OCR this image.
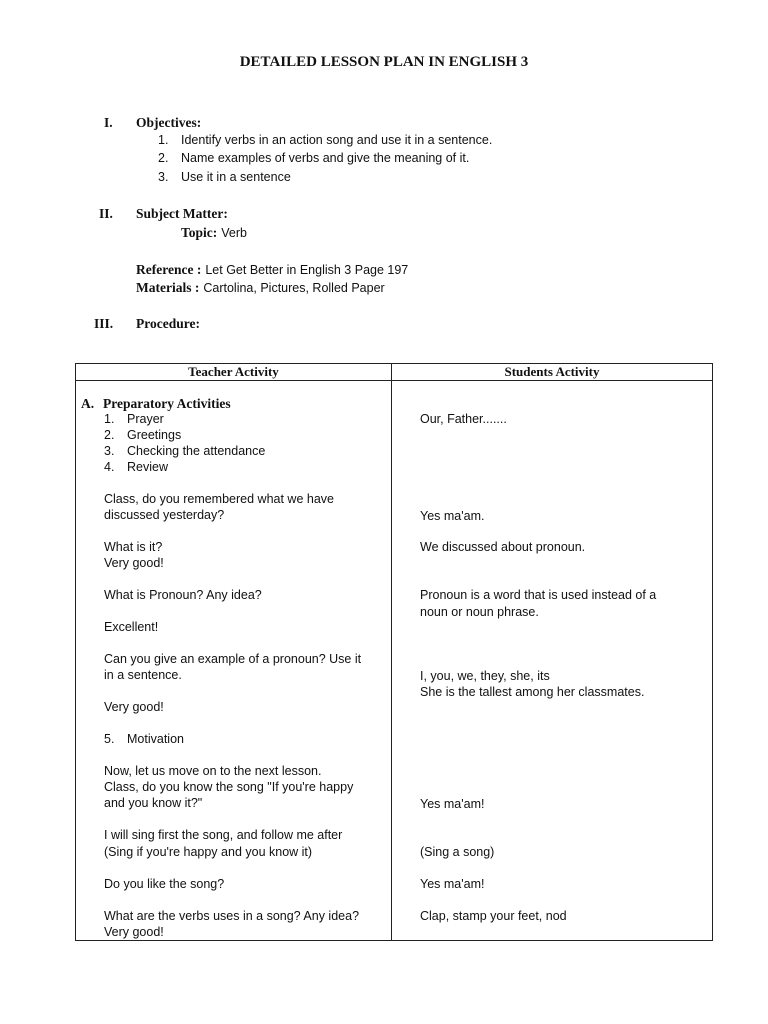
DETAILED LESSON PLAN IN ENGLISH 3
I. Objectives:
1. Identify verbs in an action song and use it in a sentence.
2. Name examples of verbs and give the meaning of it.
3. Use it in a sentence
II. Subject Matter:
Topic: Verb
Reference : Let Get Better in English 3 Page 197
Materials : Cartolina, Pictures, Rolled Paper
III. Procedure:
Teacher Activity	Students Activity
A. Preparatory Activities
1. Prayer
2. Greetings
3. Checking the attendance
4. Review
Class, do you remembered what we have
discussed yesterday?
What is it?
Very good!
What is Pronoun? Any idea?
Excellent!
Can you give an example of a pronoun? Use it
in a sentence.
Very good!
5. Motivation
Now, let us move on to the next lesson.
Class, do you know the song "If you're happy
and you know it?"
I will sing first the song, and follow me after
(Sing if you're happy and you know it)
Do you like the song?
What are the verbs uses in a song? Any idea?
Very good!
Our, Father.......
Yes ma'am.
We discussed about pronoun.
Pronoun is a word that is used instead of a
noun or noun phrase.
I, you, we, they, she, its
She is the tallest among her classmates.
Yes ma'am!
(Sing a song)
Yes ma'am!
Clap, stamp your feet, nod
